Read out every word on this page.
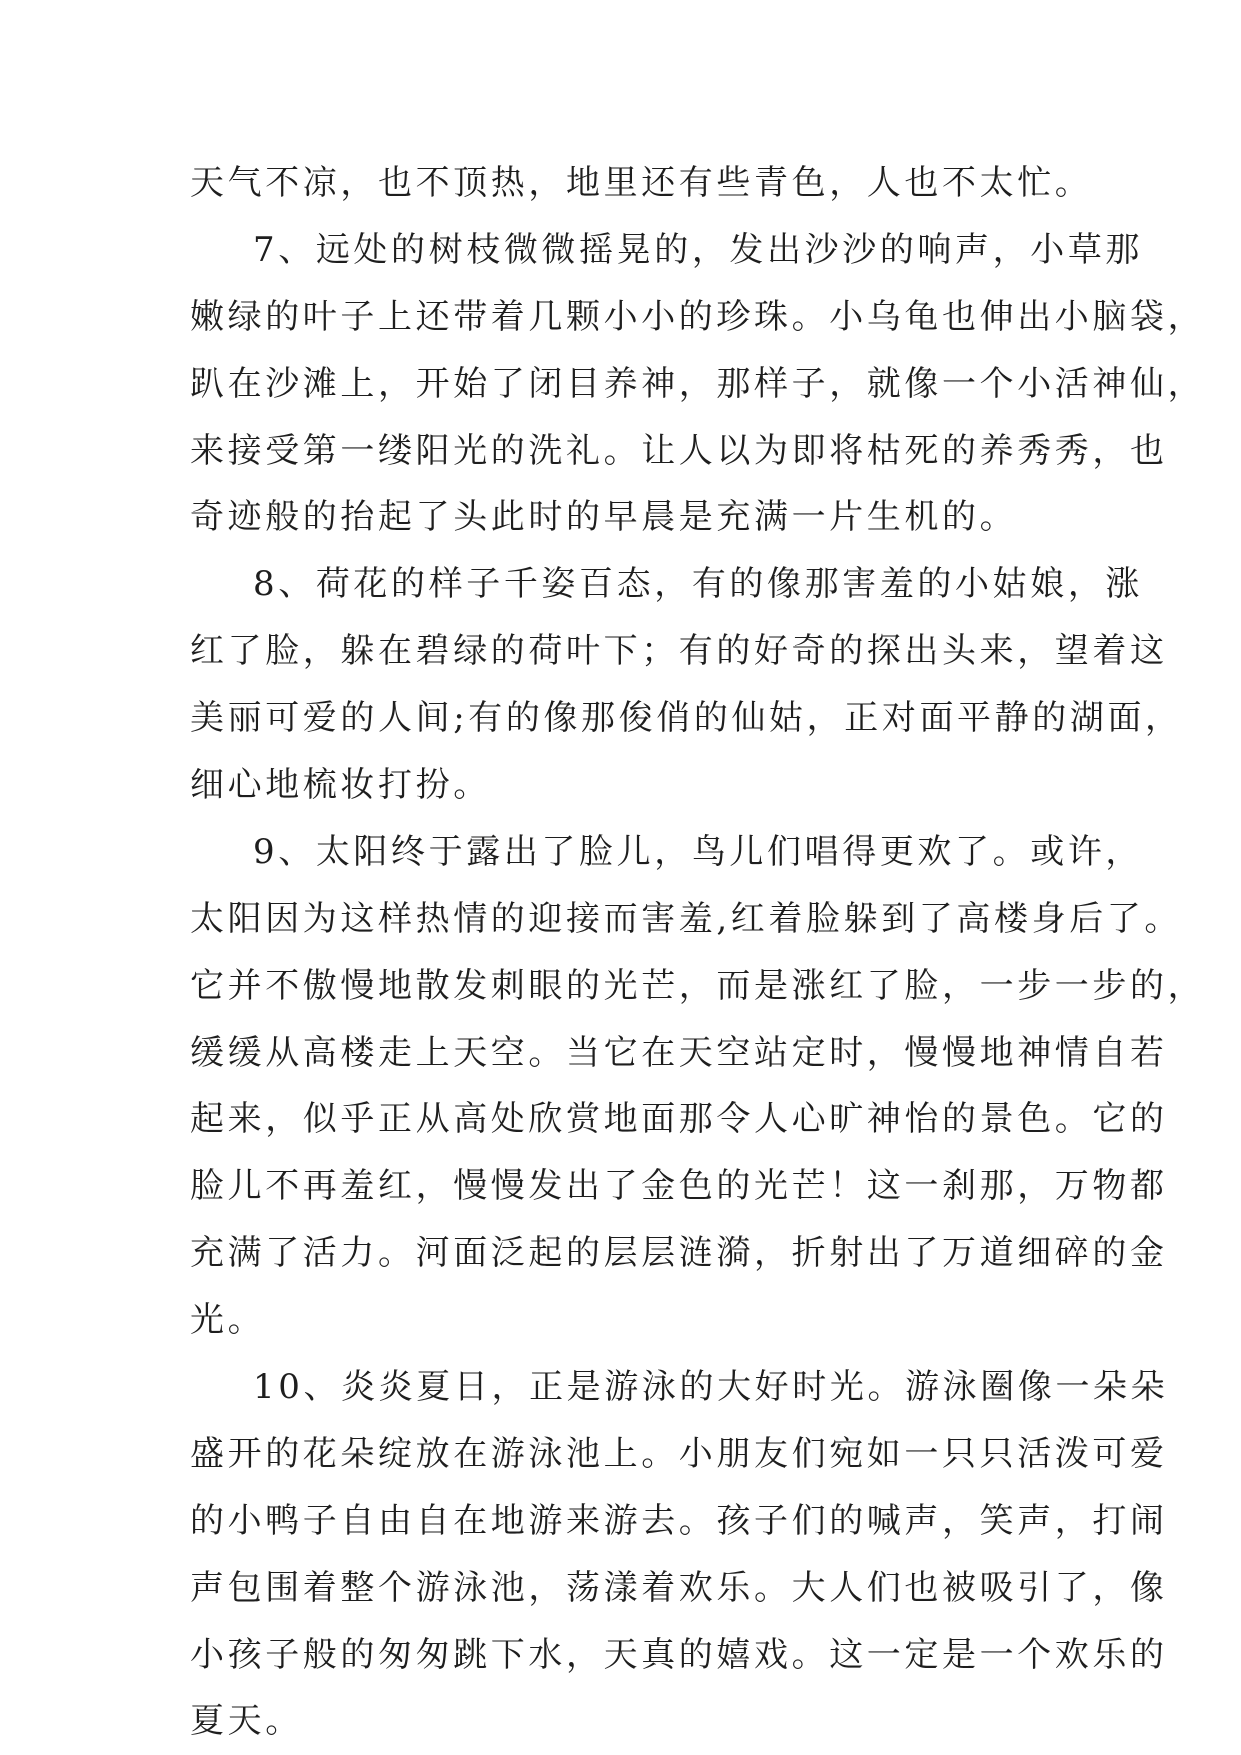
天气不凉，也不顶热，地里还有些青色，人也不太忙。
7、远处的树枝微微摇晃的，发出沙沙的响声，小草那
嫩绿的叶子上还带着几颗小小的珍珠。小乌龟也伸出小脑袋，
趴在沙滩上，开始了闭目养神，那样子，就像一个小活神仙，
来接受第一缕阳光的洗礼。让人以为即将枯死的养秀秀，也
奇迹般的抬起了头此时的早晨是充满一片生机的。
8、荷花的样子千姿百态，有的像那害羞的小姑娘，涨
红了脸，躲在碧绿的荷叶下；有的好奇的探出头来，望着这
美丽可爱的人间;有的像那俊俏的仙姑，正对面平静的湖面，
细心地梳妆打扮。
9、太阳终于露出了脸儿，鸟儿们唱得更欢了。或许，
太阳因为这样热情的迎接而害羞,红着脸躲到了高楼身后了。
它并不傲慢地散发刺眼的光芒，而是涨红了脸，一步一步的，
缓缓从高楼走上天空。当它在天空站定时，慢慢地神情自若
起来，似乎正从高处欣赏地面那令人心旷神怡的景色。它的
脸儿不再羞红，慢慢发出了金色的光芒！这一刹那，万物都
充满了活力。河面泛起的层层涟漪，折射出了万道细碎的金
光。
10、炎炎夏日，正是游泳的大好时光。游泳圈像一朵朵
盛开的花朵绽放在游泳池上。小朋友们宛如一只只活泼可爱
的小鸭子自由自在地游来游去。孩子们的喊声，笑声，打闹
声包围着整个游泳池，荡漾着欢乐。大人们也被吸引了，像
小孩子般的匆匆跳下水，天真的嬉戏。这一定是一个欢乐的
夏天。
